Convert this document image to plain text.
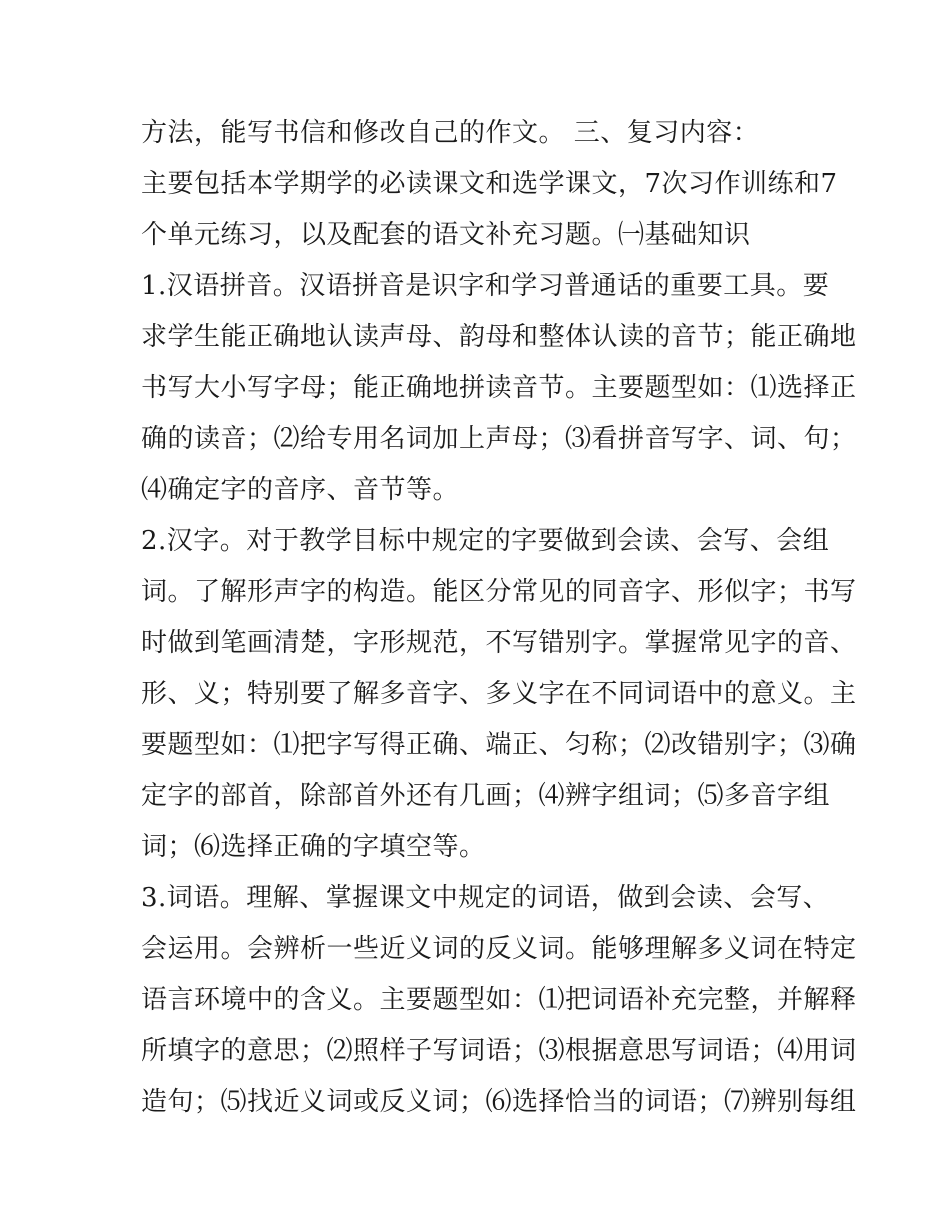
方法，能写书信和修改自己的作文。 三、复习内容：
主要包括本学期学的必读课文和选学课文，7次习作训练和7
个单元练习，以及配套的语文补充习题。㈠基础知识
1.汉语拼音。汉语拼音是识字和学习普通话的重要工具。要
求学生能正确地认读声母、韵母和整体认读的音节；能正确地
书写大小写字母；能正确地拼读音节。主要题型如：⑴选择正
确的读音；⑵给专用名词加上声母；⑶看拼音写字、词、句；
⑷确定字的音序、音节等。
2.汉字。对于教学目标中规定的字要做到会读、会写、会组
词。了解形声字的构造。能区分常见的同音字、形似字；书写
时做到笔画清楚，字形规范，不写错别字。掌握常见字的音、
形、义；特别要了解多音字、多义字在不同词语中的意义。主
要题型如：⑴把字写得正确、端正、匀称；⑵改错别字；⑶确
定字的部首，除部首外还有几画；⑷辨字组词；⑸多音字组
词；⑹选择正确的字填空等。
3.词语。理解、掌握课文中规定的词语，做到会读、会写、
会运用。会辨析一些近义词的反义词。能够理解多义词在特定
语言环境中的含义。主要题型如：⑴把词语补充完整，并解释
所填字的意思；⑵照样子写词语；⑶根据意思写词语；⑷用词
造句；⑸找近义词或反义词；⑹选择恰当的词语；⑺辨别每组
